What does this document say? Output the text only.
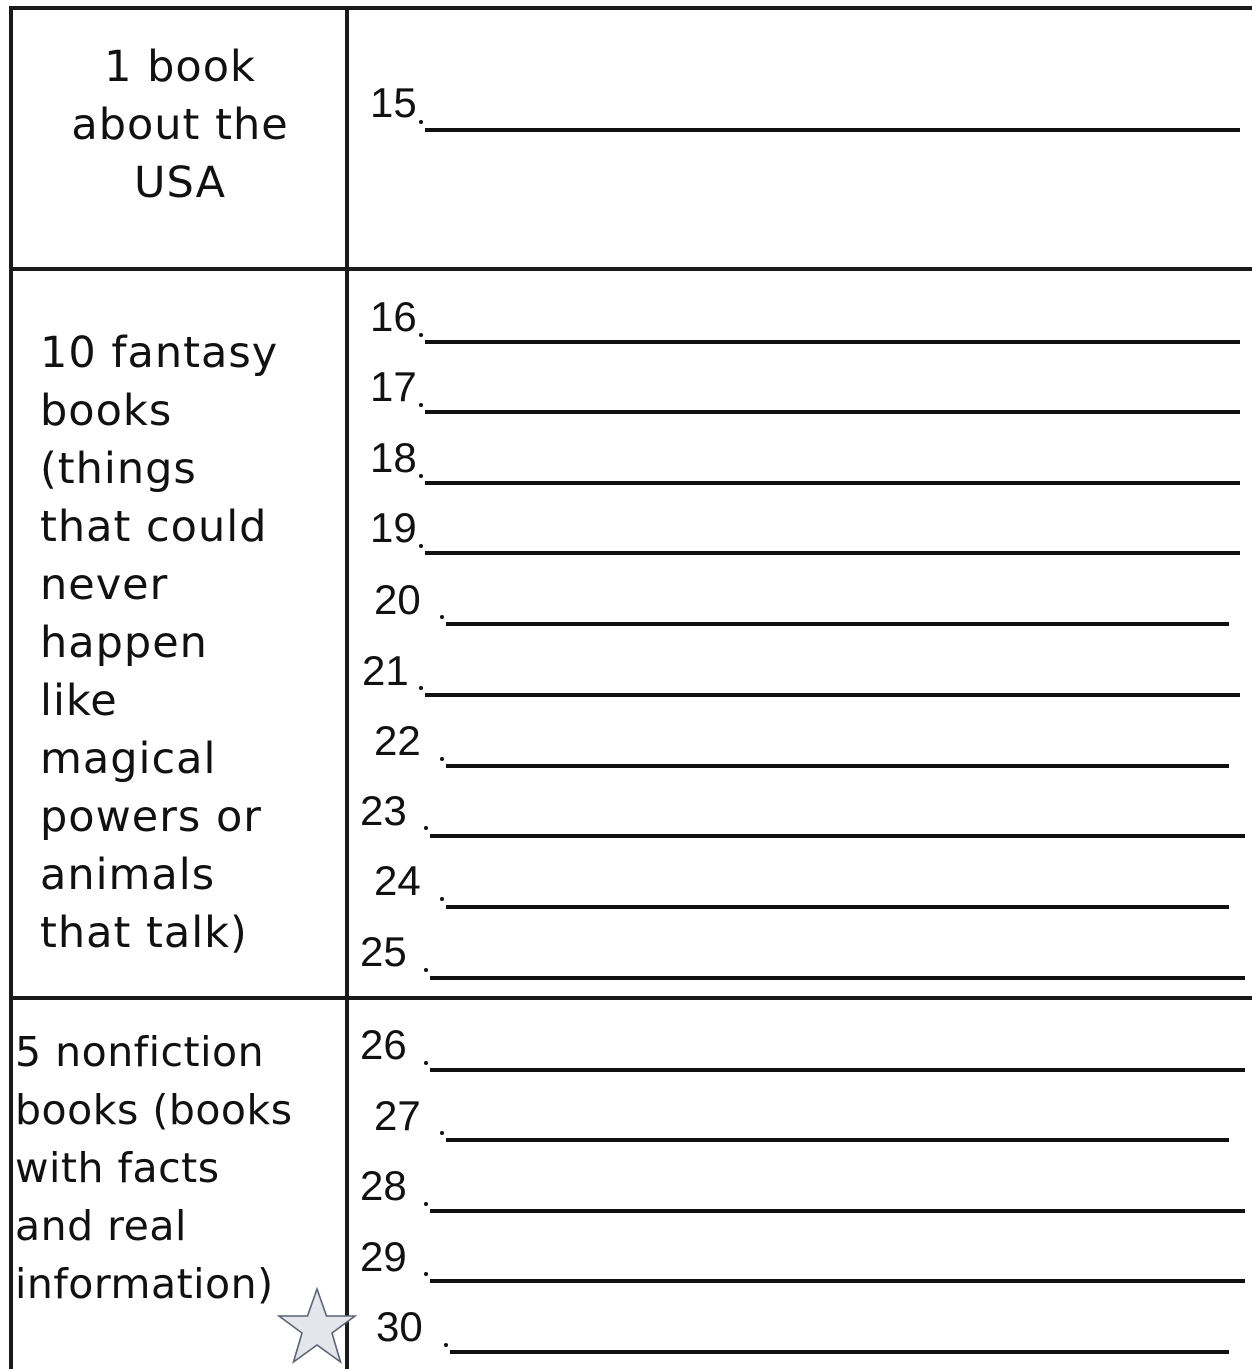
1 book
about the
USA
10 fantasy
books
(things
that could
never
happen
like
magical
powers or
animals
that talk)
5 nonfiction
books (books
with facts
and real
information)
15
16
17
18
19
20
21
22
23
24
25
26
27
28
29
30
